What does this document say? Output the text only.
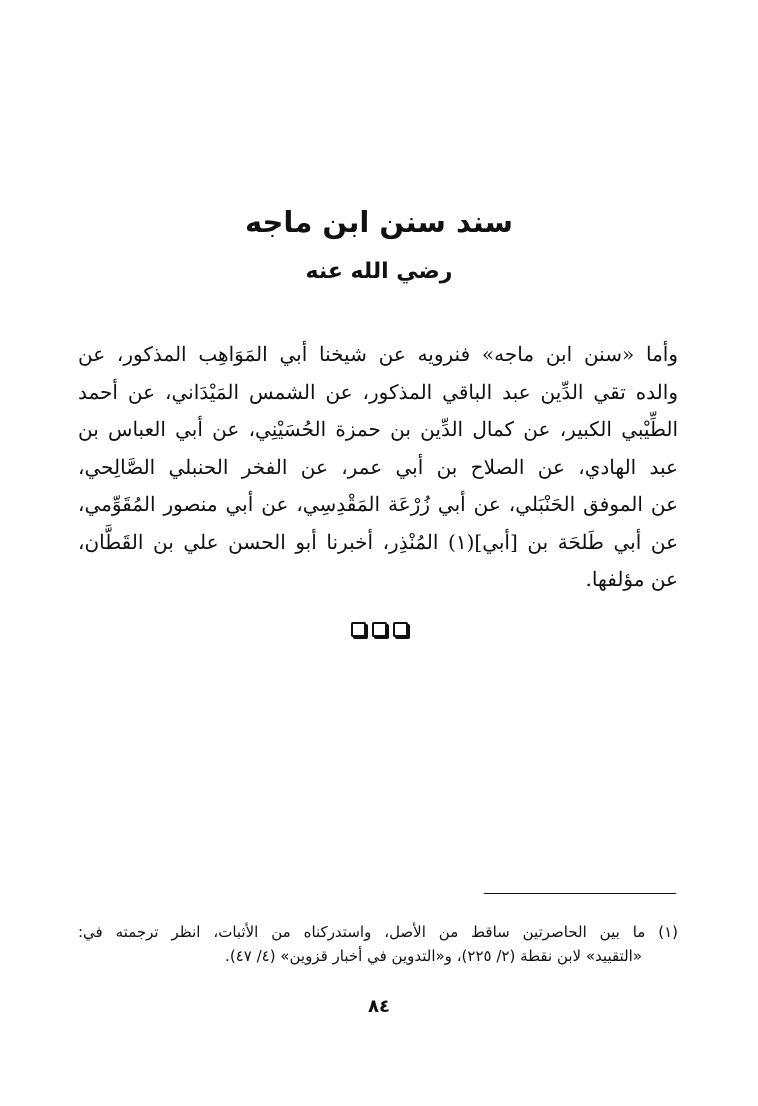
سند سنن ابن ماجه
رضي الله عنه
وأما «سنن ابن ماجه» فنرويه عن شيخنا أبي المَوَاهِب المذكور، عن
والده تقي الدِّين عبد الباقي المذكور، عن الشمس المَيْدَاني، عن أحمد
الطِّيْبي الكبير، عن كمال الدِّين بن حمزة الحُسَيْنِي، عن أبي العباس بن
عبد الهادي، عن الصلاح بن أبي عمر، عن الفخر الحنبلي الصَّالِحي،
عن الموفق الحَنْبَلي، عن أبي زُرْعَة المَقْدِسِي، عن أبي منصور المُقَوِّمي،
عن أبي طَلحَة بن [أبي](١) المُنْذِر، أخبرنا أبو الحسن علي بن القَطَّان،
عن مؤلفها.
(١) ما بين الحاصرتين ساقط من الأصل، واستدركناه من الأثبات، انظر ترجمته في:
«التقييد» لابن نقطة (٢/ ٢٢٥)، و«التدوين في أخبار قزوين» (٤/ ٤٧).
٨٤
